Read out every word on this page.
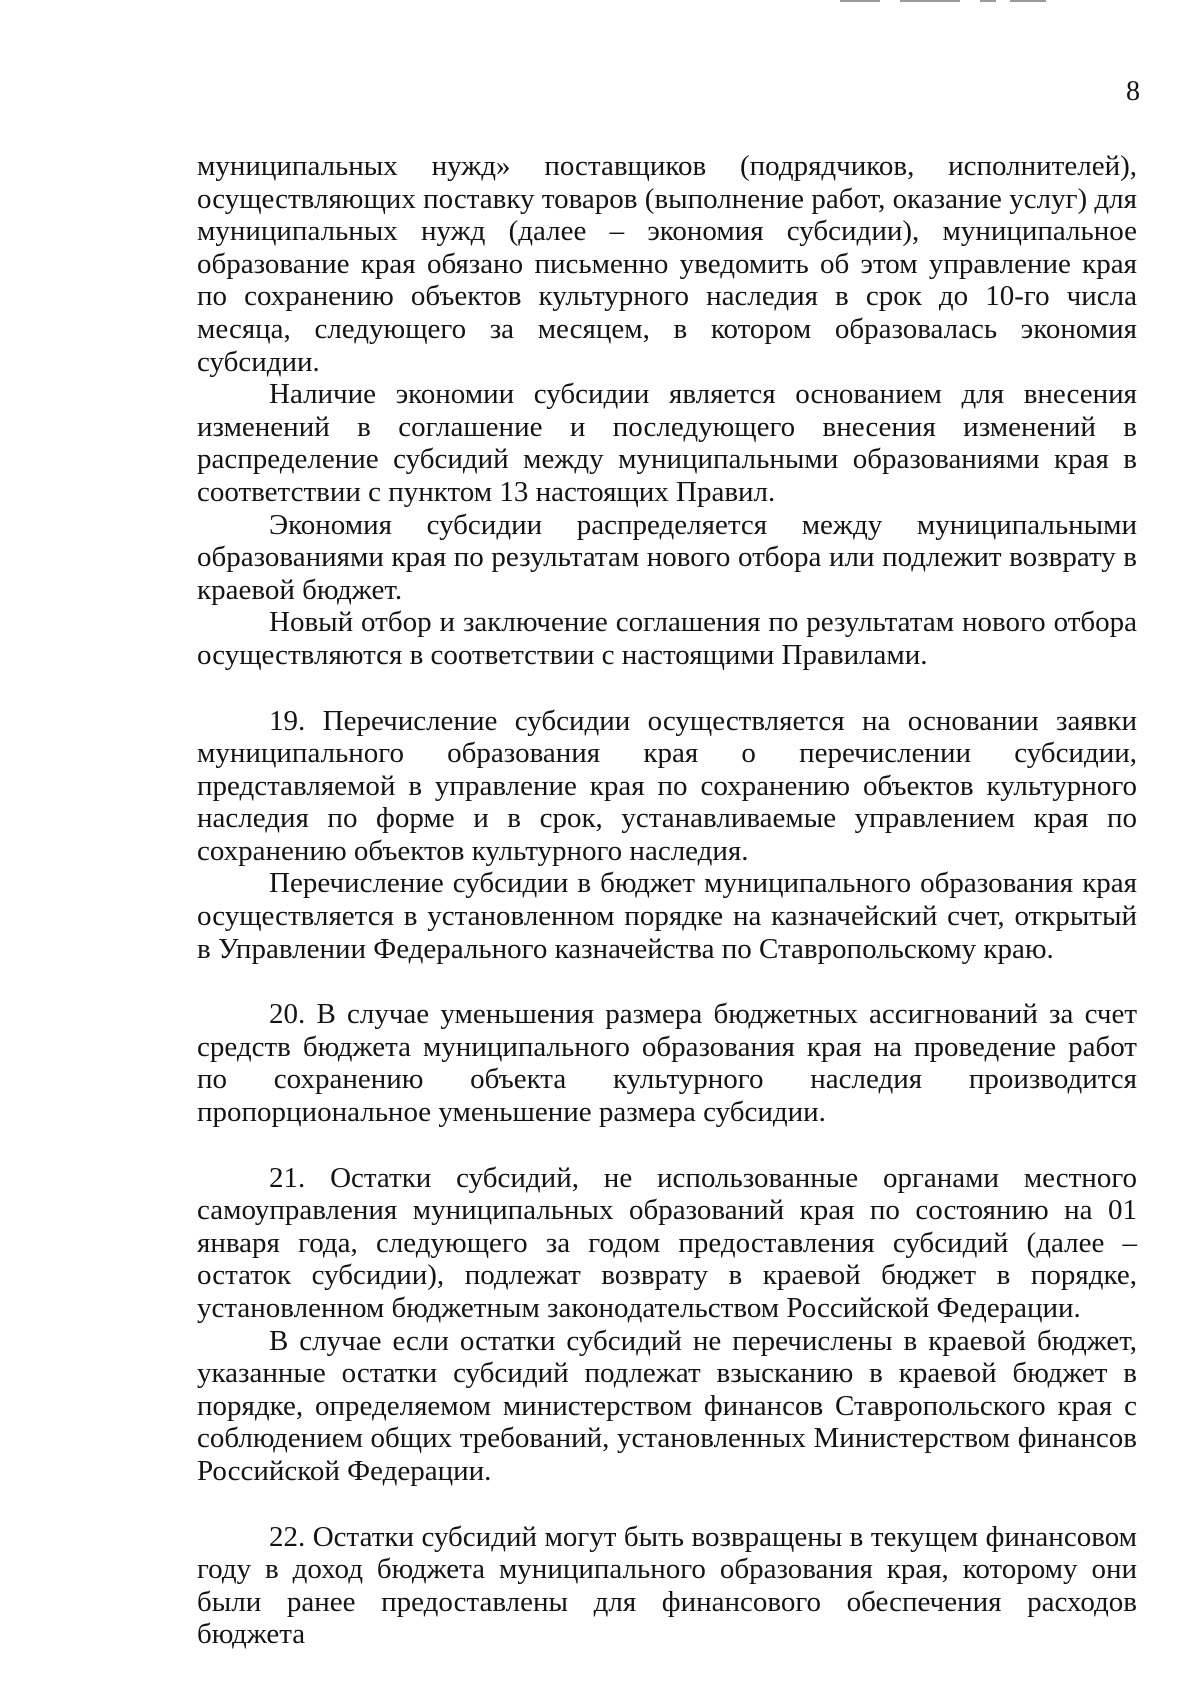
8

муниципальных нужд» поставщиков (подрядчиков, исполнителей), осуществляющих поставку товаров (выполнение работ, оказание услуг) для муниципальных нужд (далее – экономия субсидии), муниципальное образование края обязано письменно уведомить об этом управление края по сохранению объектов культурного наследия в срок до 10-го числа месяца, следующего за месяцем, в котором образовалась экономия субсидии.

Наличие экономии субсидии является основанием для внесения изменений в соглашение и последующего внесения изменений в распределение субсидий между муниципальными образованиями края в соответствии с пунктом 13 настоящих Правил.

Экономия субсидии распределяется между муниципальными образованиями края по результатам нового отбора или подлежит возврату в краевой бюджет.

Новый отбор и заключение соглашения по результатам нового отбора осуществляются в соответствии с настоящими Правилами.

19. Перечисление субсидии осуществляется на основании заявки муниципального образования края о перечислении субсидии, представляемой в управление края по сохранению объектов культурного наследия по форме и в срок, устанавливаемые управлением края по сохранению объектов культурного наследия.

Перечисление субсидии в бюджет муниципального образования края осуществляется в установленном порядке на казначейский счет, открытый в Управлении Федерального казначейства по Ставропольскому краю.

20. В случае уменьшения размера бюджетных ассигнований за счет средств бюджета муниципального образования края на проведение работ по сохранению объекта культурного наследия производится пропорциональное уменьшение размера субсидии.

21. Остатки субсидий, не использованные органами местного самоуправления муниципальных образований края по состоянию на 01 января года, следующего за годом предоставления субсидий (далее – остаток субсидии), подлежат возврату в краевой бюджет в порядке, установленном бюджетным законодательством Российской Федерации.

В случае если остатки субсидий не перечислены в краевой бюджет, указанные остатки субсидий подлежат взысканию в краевой бюджет в порядке, определяемом министерством финансов Ставропольского края с соблюдением общих требований, установленных Министерством финансов Российской Федерации.

22. Остатки субсидий могут быть возвращены в текущем финансовом году в доход бюджета муниципального образования края, которому они были ранее предоставлены для финансового обеспечения расходов бюджета
